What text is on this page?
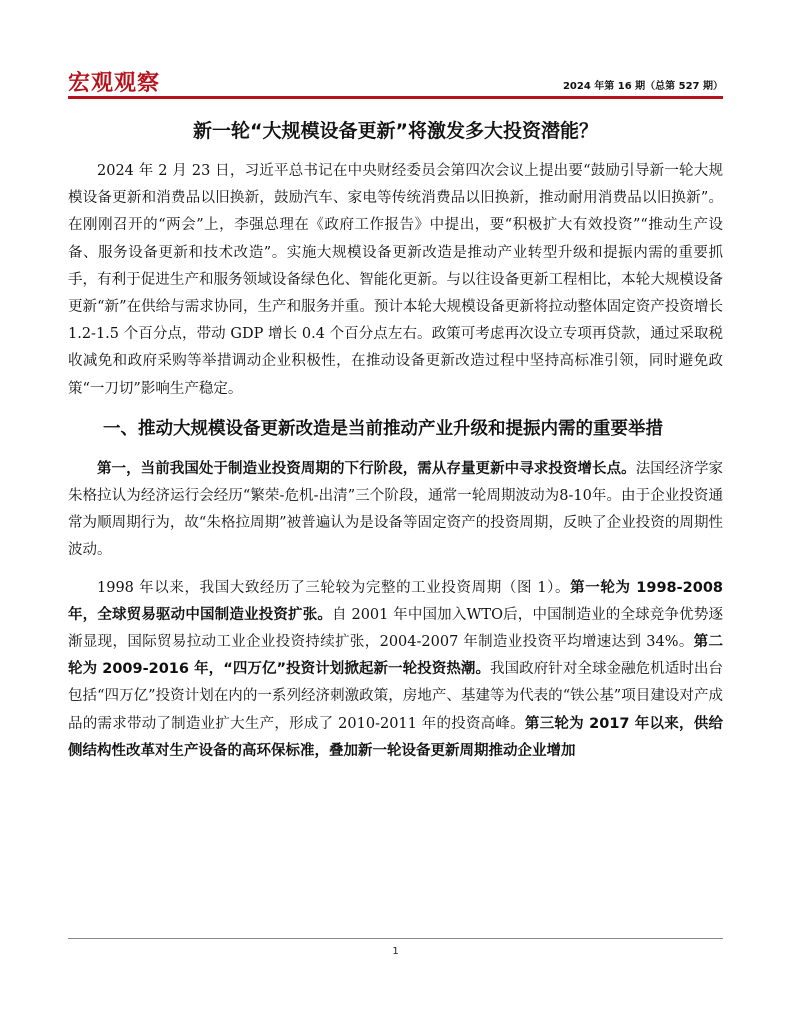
宏观观察	2024 年第 16 期（总第 527 期）
新一轮“大规模设备更新”将激发多大投资潜能？

2024 年 2 月 23 日，习近平总书记在中央财经委员会第四次会议上提出要“鼓励引导新一轮大规模设备更新和消费品以旧换新，鼓励汽车、家电等传统消费品以旧换新，推动耐用消费品以旧换新”。在刚刚召开的“两会”上，李强总理在《政府工作报告》中提出，要“积极扩大有效投资”“推动生产设备、服务设备更新和技术改造”。实施大规模设备更新改造是推动产业转型升级和提振内需的重要抓手，有利于促进生产和服务领域设备绿色化、智能化更新。与以往设备更新工程相比，本轮大规模设备更新“新”在供给与需求协同，生产和服务并重。预计本轮大规模设备更新将拉动整体固定资产投资增长 1.2-1.5 个百分点，带动 GDP 增长 0.4 个百分点左右。政策可考虑再次设立专项再贷款，通过采取税收减免和政府采购等举措调动企业积极性，在推动设备更新改造过程中坚持高标准引领，同时避免政策“一刀切”影响生产稳定。

一、推动大规模设备更新改造是当前推动产业升级和提振内需的重要举措

第一，当前我国处于制造业投资周期的下行阶段，需从存量更新中寻求投资增长点。法国经济学家朱格拉认为经济运行会经历“繁荣-危机-出清”三个阶段，通常一轮周期波动为8-10年。由于企业投资通常为顺周期行为，故“朱格拉周期”被普遍认为是设备等固定资产的投资周期，反映了企业投资的周期性波动。

1998 年以来，我国大致经历了三轮较为完整的工业投资周期（图 1）。第一轮为 1998-2008 年，全球贸易驱动中国制造业投资扩张。自 2001 年中国加入WTO后，中国制造业的全球竞争优势逐渐显现，国际贸易拉动工业企业投资持续扩张，2004-2007 年制造业投资平均增速达到 34%。第二轮为 2009-2016 年，“四万亿”投资计划掀起新一轮投资热潮。我国政府针对全球金融危机适时出台包括“四万亿”投资计划在内的一系列经济刺激政策，房地产、基建等为代表的“铁公基”项目建设对产成品的需求带动了制造业扩大生产，形成了 2010-2011 年的投资高峰。第三轮为 2017 年以来，供给侧结构性改革对生产设备的高环保标准，叠加新一轮设备更新周期推动企业增加

1
